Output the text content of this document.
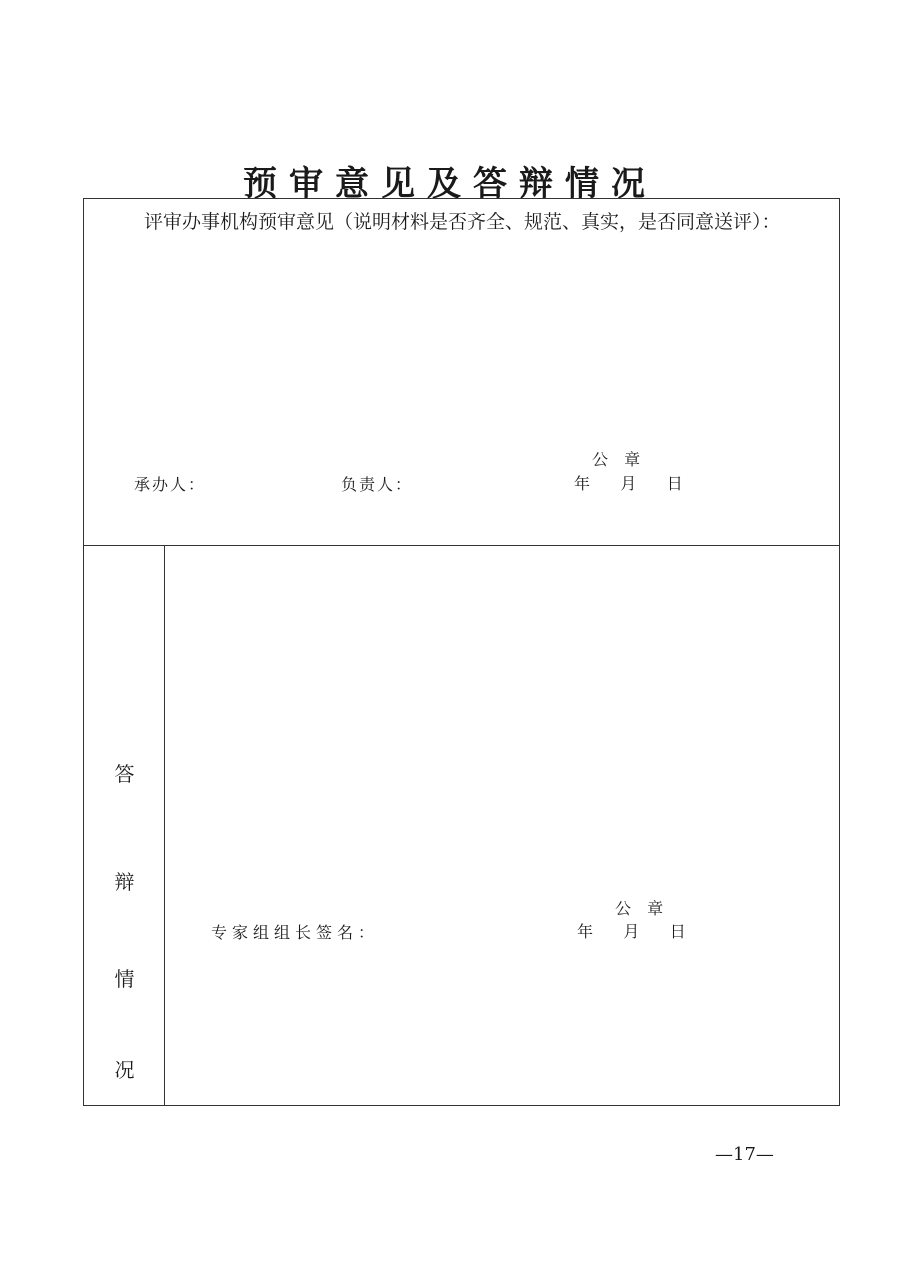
预审意见及答辩情况
评审办事机构预审意见（说明材料是否齐全、规范、真实，是否同意送评）：
公  章
承办人：	负责人：	年    月    日
答
辩
情
况
公  章
专家组组长签名：	年    月    日
—17—
